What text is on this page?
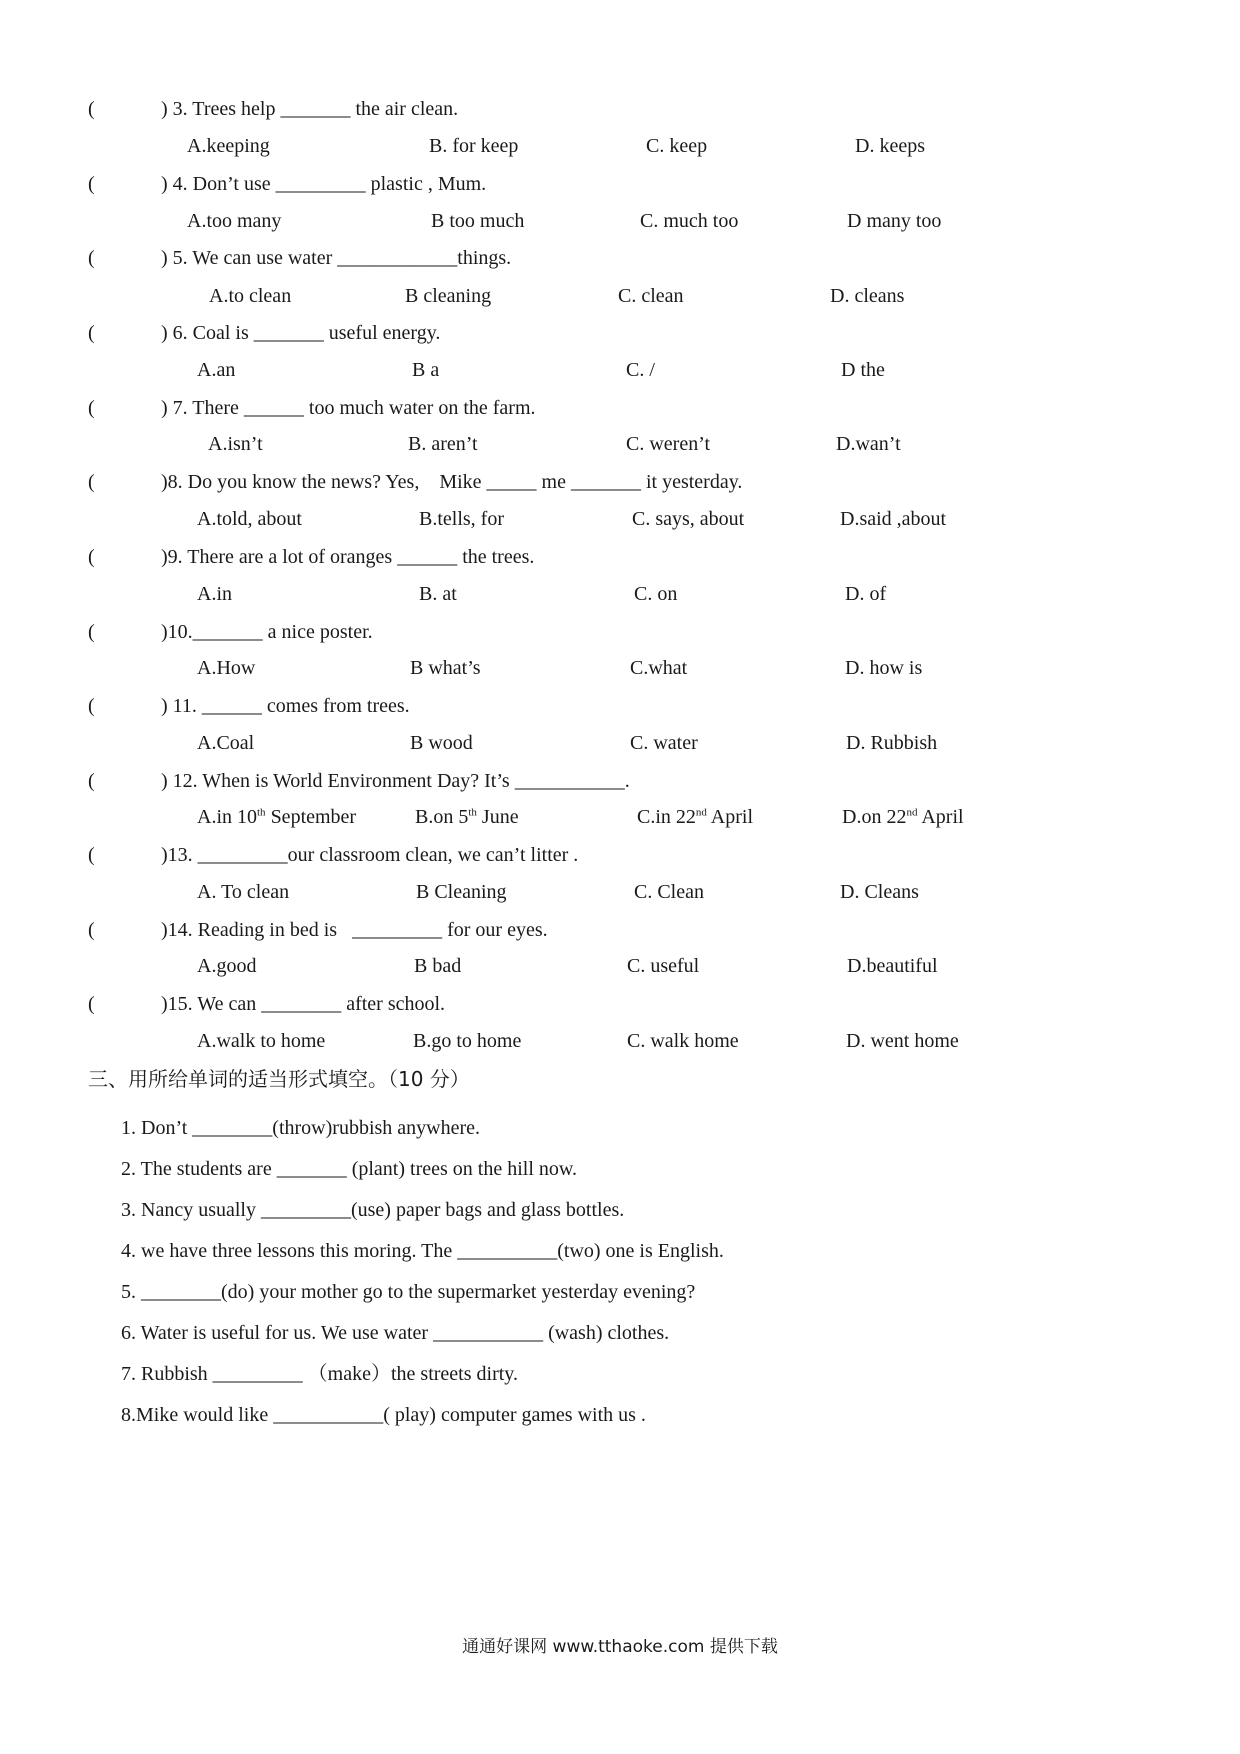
(	) 3. Trees help _______ the air clean.
A.keeping	B. for keep	C. keep	D. keeps
(	) 4. Don’t use _________ plastic , Mum.
A.too many	B too much	C. much too	D many too
(	) 5. We can use water ____________things.
A.to clean	B cleaning	C. clean	D. cleans
(	) 6. Coal is _______ useful energy.
A.an	B a	C. /	D the
(	) 7. There ______ too much water on the farm.
A.isn’t	B. aren’t	C. weren’t	D.wan’t
(	)8. Do you know the news? Yes,    Mike _____ me _______ it yesterday.
A.told, about	B.tells, for	C. says, about	D.said ,about
(	)9. There are a lot of oranges ______ the trees.
A.in	B. at	C. on	D. of
(	)10._______ a nice poster.
A.How	B what’s	C.what	D. how is
(	) 11. ______ comes from trees.
A.Coal	B wood	C. water	D. Rubbish
(	) 12. When is World Environment Day? It’s ___________.
A.in 10th September	B.on 5th June	C.in 22nd April	D.on 22nd April
(	)13. _________our classroom clean, we can’t litter .
A. To clean	B Cleaning	C. Clean	D. Cleans
(	)14. Reading in bed is   _________ for our eyes.
A.good	B bad	C. useful	D.beautiful
(	)15. We can ________ after school.
A.walk to home	B.go to home	C. walk home	D. went home
三、用所给单词的适当形式填空。（10 分）
1. Don’t ________(throw)rubbish anywhere.
2. The students are _______ (plant) trees on the hill now.
3. Nancy usually _________(use) paper bags and glass bottles.
4. we have three lessons this moring. The __________(two) one is English.
5. ________(do) your mother go to the supermarket yesterday evening?
6. Water is useful for us. We use water ___________ (wash) clothes.
7. Rubbish _________ （make）the streets dirty.
8.Mike would like ___________( play) computer games with us .
通通好课网 www.tthaoke.com 提供下载
